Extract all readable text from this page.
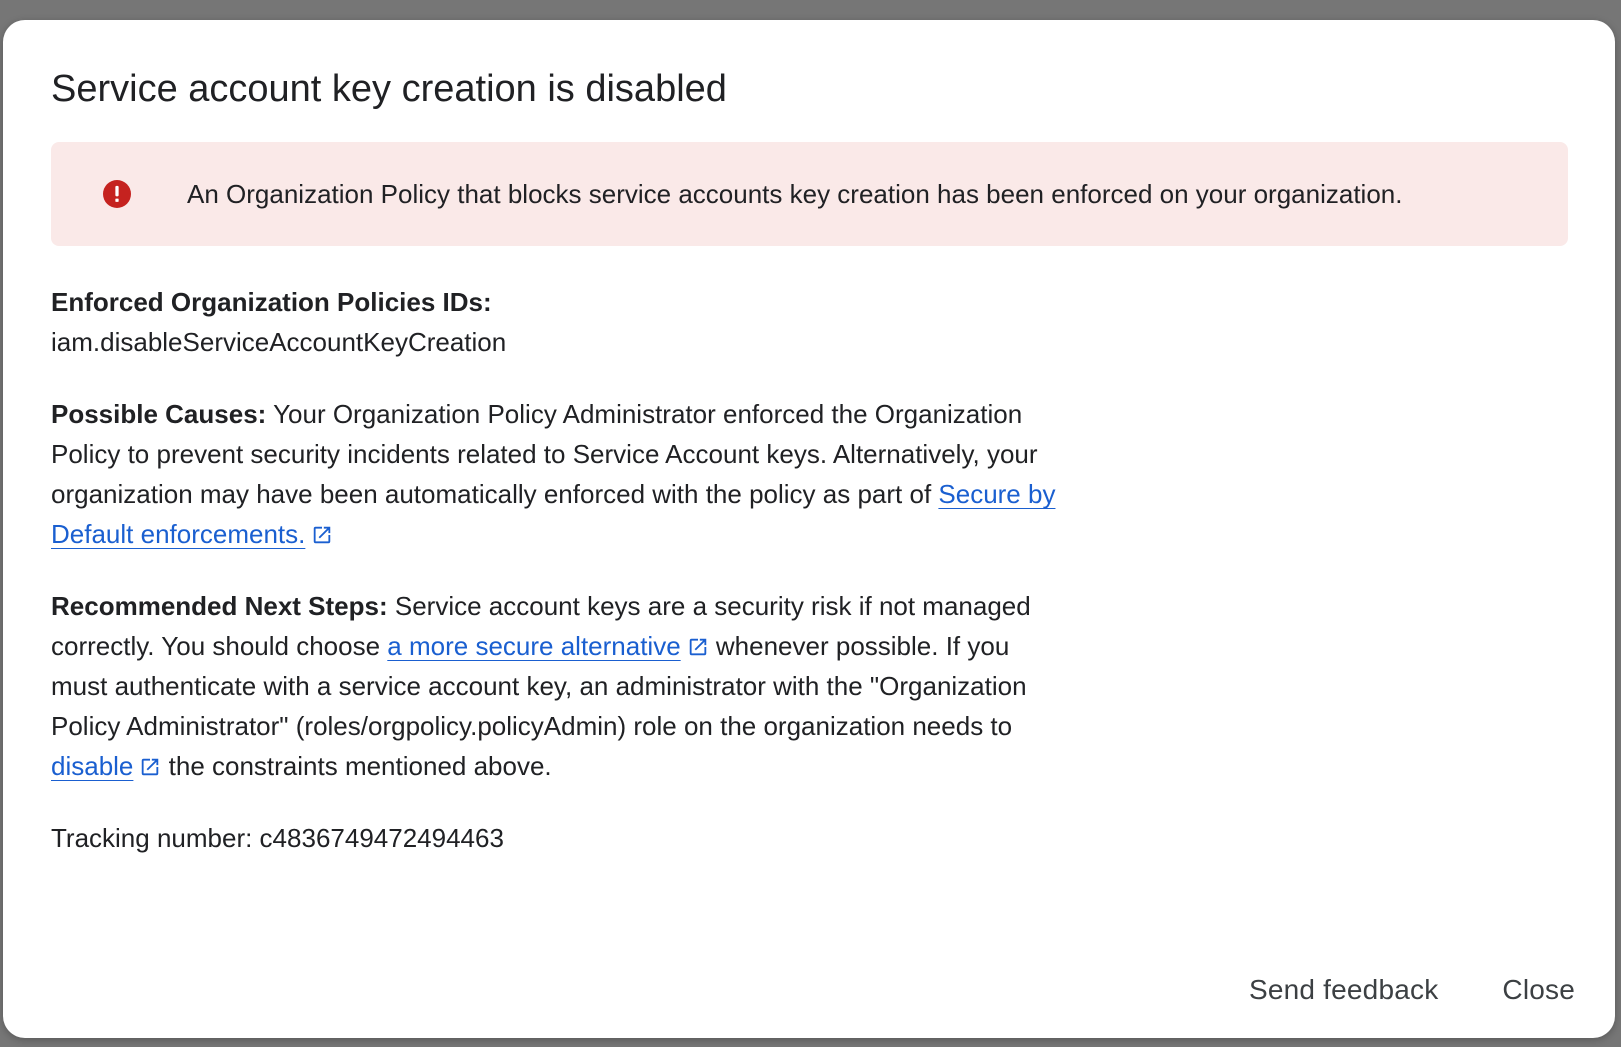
Service account key creation is disabled
An Organization Policy that blocks service accounts key creation has been enforced on your organization.

Enforced Organization Policies IDs:
iam.disableServiceAccountKeyCreation

Possible Causes: Your Organization Policy Administrator enforced the Organization Policy to prevent security incidents related to Service Account keys. Alternatively, your organization may have been automatically enforced with the policy as part of Secure by Default enforcements.

Recommended Next Steps: Service account keys are a security risk if not managed correctly. You should choose a more secure alternative whenever possible. If you must authenticate with a service account key, an administrator with the "Organization Policy Administrator" (roles/orgpolicy.policyAdmin) role on the organization needs to disable the constraints mentioned above.

Tracking number: c4836749472494463

Send feedback Close
